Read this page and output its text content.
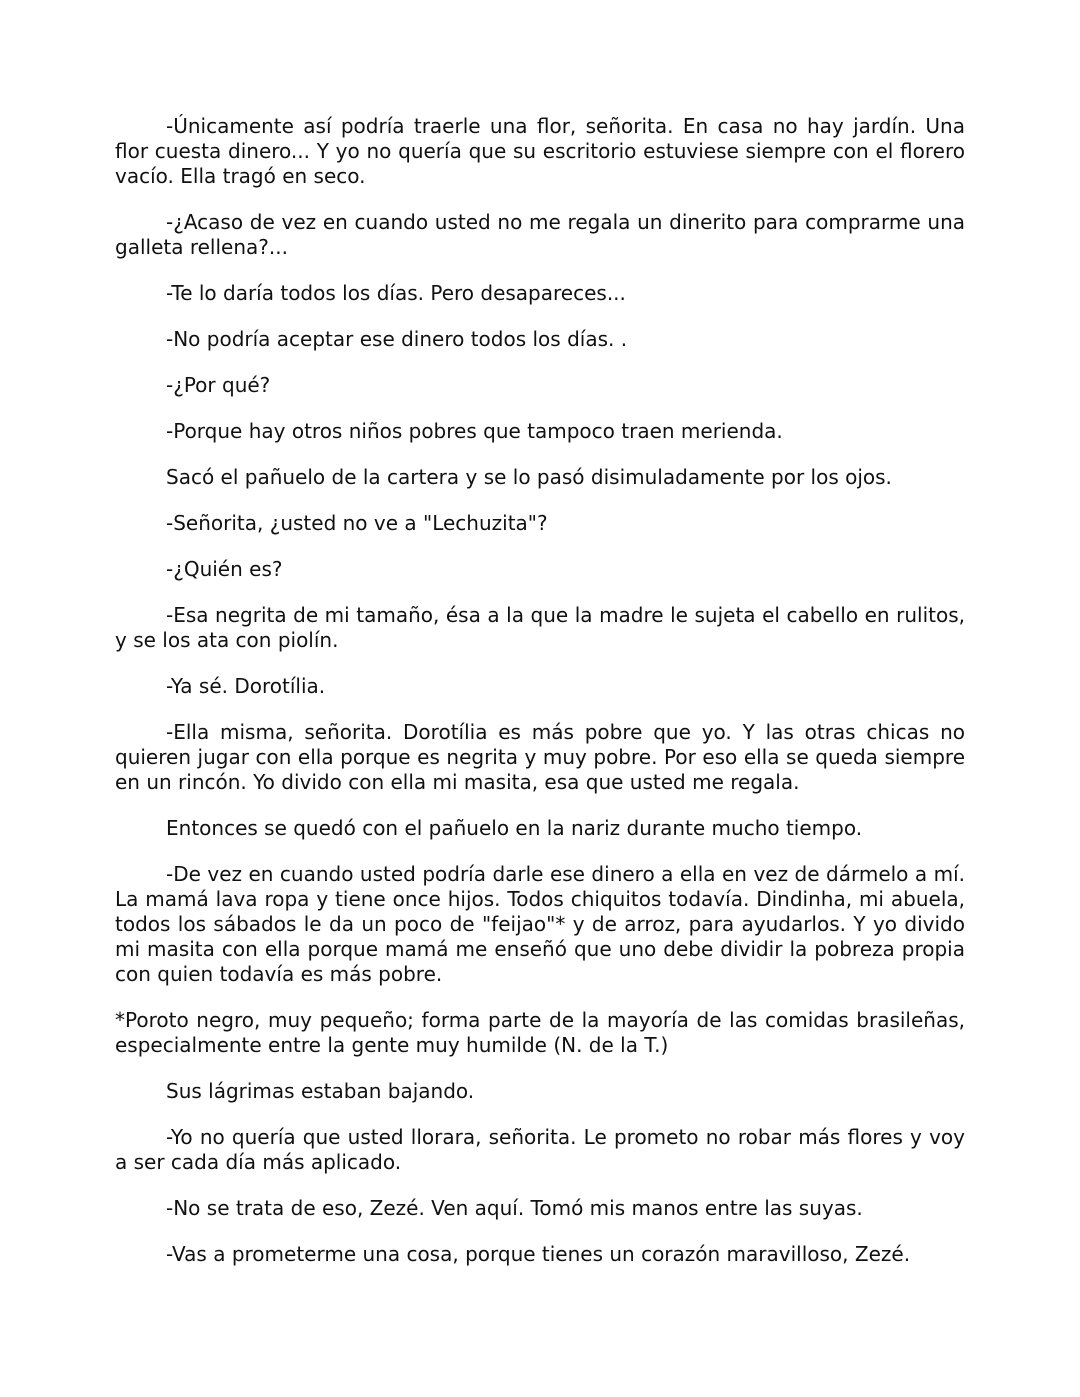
-Únicamente así podría traerle una flor, señorita. En casa no hay jardín. Una flor cuesta dinero... Y yo no quería que su escritorio estuviese siempre con el florero vacío. Ella tragó en seco.

-¿Acaso de vez en cuando usted no me regala un dinerito para comprarme una galleta rellena?...

-Te lo daría todos los días. Pero desapareces...

-No podría aceptar ese dinero todos los días. .

-¿Por qué?

-Porque hay otros niños pobres que tampoco traen merienda.

Sacó el pañuelo de la cartera y se lo pasó disimuladamente por los ojos.

-Señorita, ¿usted no ve a "Lechuzita"?

-¿Quién es?

-Esa negrita de mi tamaño, ésa a la que la madre le sujeta el cabello en rulitos, y se los ata con piolín.

-Ya sé. Dorotília.

-Ella misma, señorita. Dorotília es más pobre que yo. Y las otras chicas no quieren jugar con ella porque es negrita y muy pobre. Por eso ella se queda siempre en un rincón. Yo divido con ella mi masita, esa que usted me regala.

Entonces se quedó con el pañuelo en la nariz durante mucho tiempo.

-De vez en cuando usted podría darle ese dinero a ella en vez de dármelo a mí. La mamá lava ropa y tiene once hijos. Todos chiquitos todavía. Dindinha, mi abuela, todos los sábados le da un poco de "feijao"* y de arroz, para ayudarlos. Y yo divido mi masita con ella porque mamá me enseñó que uno debe dividir la pobreza propia con quien todavía es más pobre.

*Poroto negro, muy pequeño; forma parte de la mayoría de las comidas brasileñas, especialmente entre la gente muy humilde (N. de la T.)

Sus lágrimas estaban bajando.

-Yo no quería que usted llorara, señorita. Le prometo no robar más flores y voy a ser cada día más aplicado.

-No se trata de eso, Zezé. Ven aquí. Tomó mis manos entre las suyas.

-Vas a prometerme una cosa, porque tienes un corazón maravilloso, Zezé.
